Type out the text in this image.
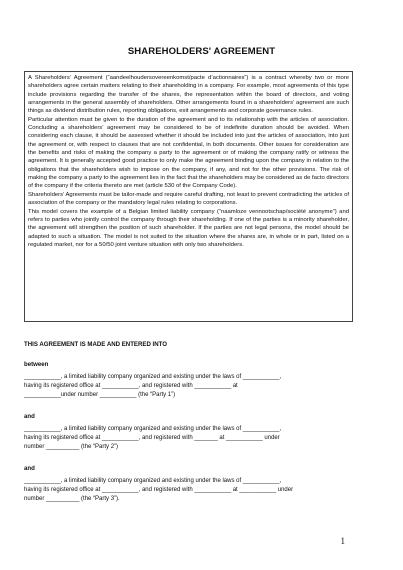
SHAREHOLDERS' AGREEMENT

A Shareholders’ Agreement (“aandeelhoudersovereenkomst/pacte d’actionnaires”) is a contract whereby two or more shareholders agree certain matters relating to their shareholding in a company. For example, most agreements of this type include provisions regarding the transfer of the shares, the representation within the board of directors, and voting arrangements in the general assembly of shareholders. Other arrangements found in a shareholders’ agreement are such things as dividend distribution rules, reporting obligations, exit arrangements and corporate governance rules.

Particular attention must be given to the duration of the agreement and to its relationship with the articles of association. Concluding a shareholders’ agreement may be considered to be of indefinite duration should be avoided. When considering each clause, it should be assessed whether it should be included into just the articles of association, into just the agreement or, with respect to clauses that are not confidential, in both documents. Other issues for consideration are the benefits and risks of making the company a party to the agreement or of making the company ratify or witness the agreement. It is generally accepted good practice to only make the agreement binding upon the company in relation to the obligations that the shareholders wish to impose on the company, if any, and not for the other provisions. The risk of making the company a party to the agreement lies in the fact that the shareholders may be considered as de facto directors of the company if the criteria thereto are met (article 530 of the Company Code).

Shareholders’ Agreements must be tailor-made and require careful drafting, not least to prevent contradicting the articles of association of the company or the mandatory legal rules relating to corporations.

This model covers the example of a Belgian limited liability company (“naamloze vennootschap/société anonyme”) and refers to parties who jointly control the company through their shareholding. If one of the parties is a minority shareholder, the agreement will strengthen the position of such shareholder. If the parties are not legal persons, the model should be adapted to such a situation. The model is not suited to the situation where the shares are, in whole or in part, listed on a regulated market, nor for a 50/50 joint venture situation with only two shareholders.

THIS AGREEMENT IS MADE AND ENTERED INTO
between
___________, a limited liability company organized and existing under the laws of ___________,
having its registered office at ___________, and registered with ___________ at
___________under number ___________ (the “Party 1”)
and
___________, a limited liability company organized and existing under the laws of ___________,
having its registered office at ___________, and registered with _______ at ___________ under
number __________ (the “Party 2”)
and
___________, a limited liability company organized and existing under the laws of ___________,
having its registered office at ___________, and registered with ___________ at ___________ under
number __________ (the “Party 3”).
1
